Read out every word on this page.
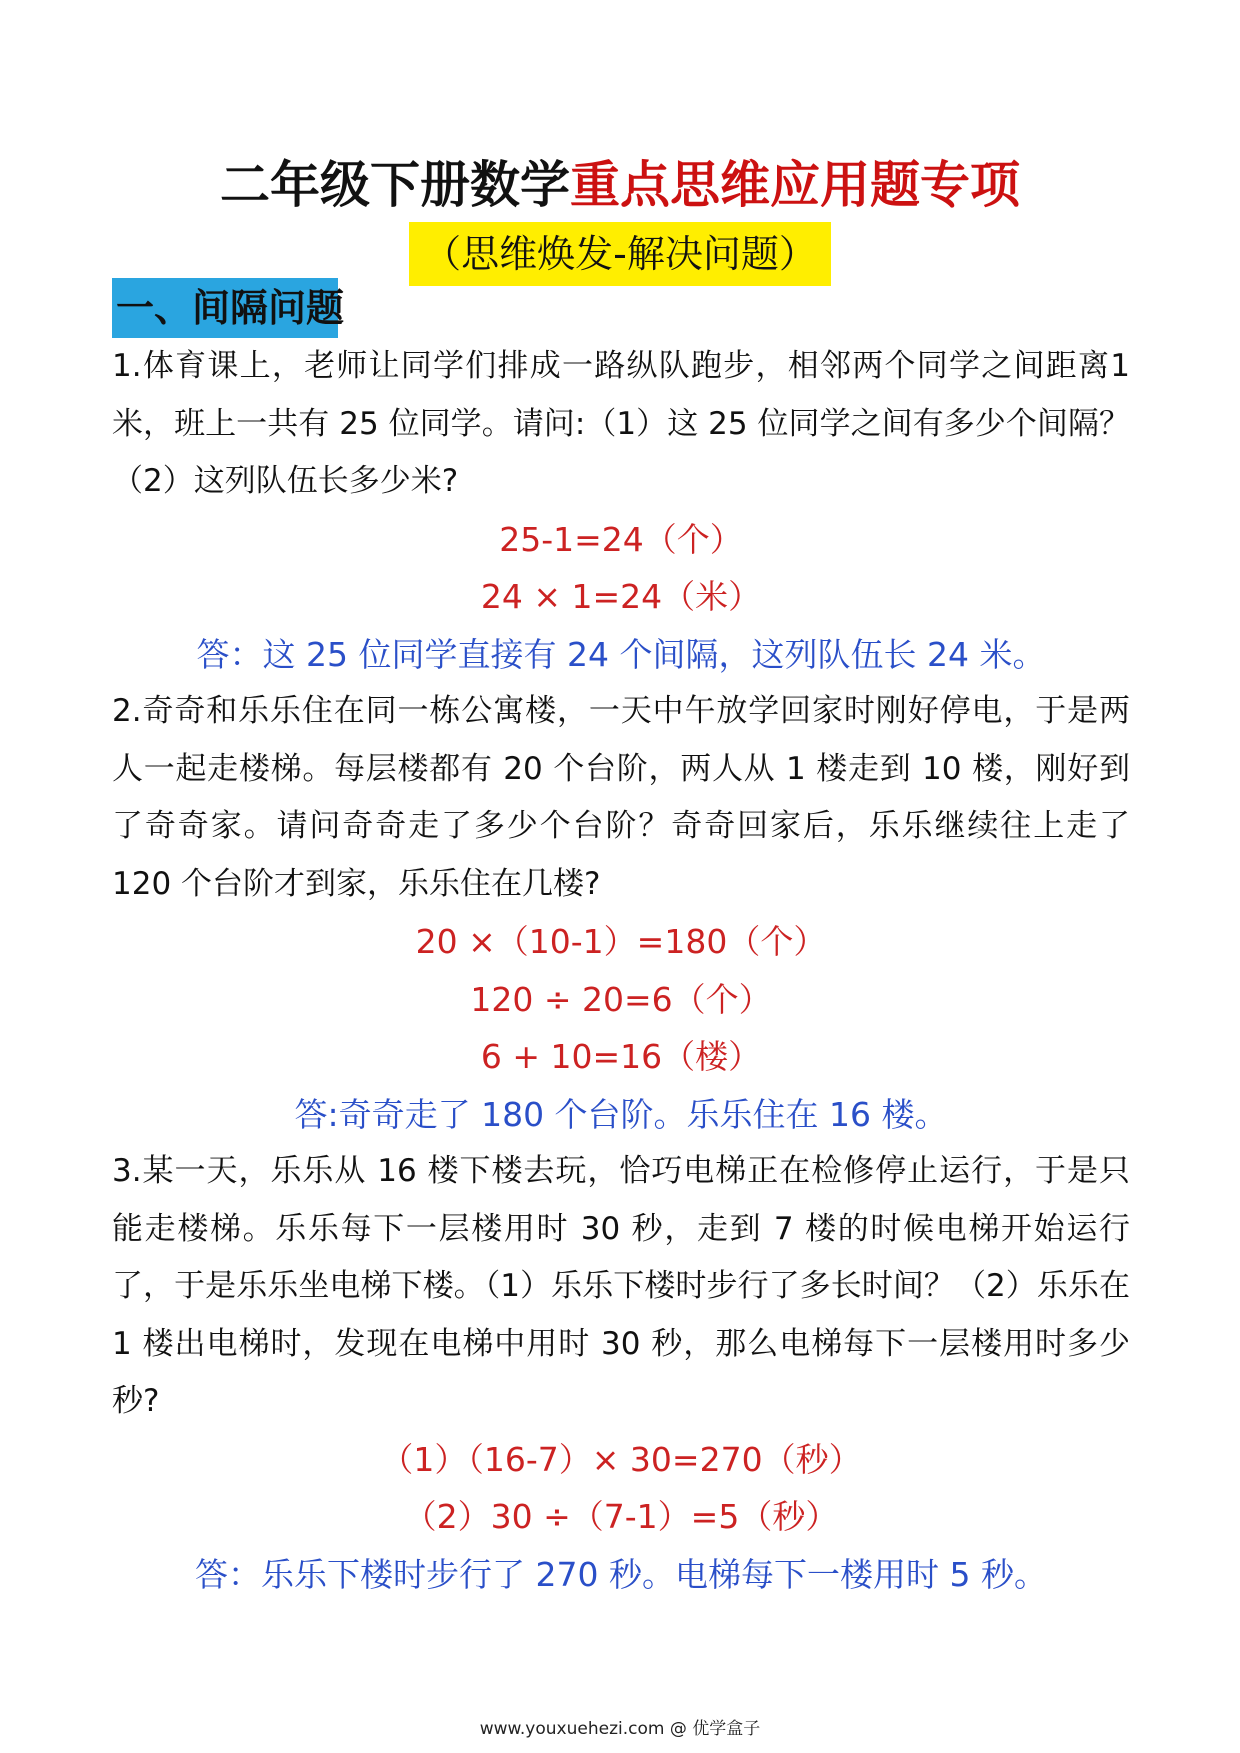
二年级下册数学重点思维应用题专项
（思维焕发-解决问题）
一、间隔问题

1.体育课上，老师让同学们排成一路纵队跑步，相邻两个同学之间距离1 米，班上一共有 25 位同学。请问:（1）这 25 位同学之间有多少个间隔？（2）这列队伍长多少米?

25-1=24（个）

24 × 1=24（米）

答：这 25 位同学直接有 24 个间隔，这列队伍长 24 米。

2.奇奇和乐乐住在同一栋公寓楼，一天中午放学回家时刚好停电，于是两人一起走楼梯。每层楼都有 20 个台阶，两人从 1 楼走到 10 楼，刚好到了奇奇家。请问奇奇走了多少个台阶？奇奇回家后，乐乐继续往上走了 120 个台阶才到家，乐乐住在几楼?

20 ×（10-1）=180（个）

120 ÷ 20=6（个）

6 + 10=16（楼）

答:奇奇走了 180 个台阶。乐乐住在 16 楼。

3.某一天，乐乐从 16 楼下楼去玩，恰巧电梯正在检修停止运行，于是只能走楼梯。乐乐每下一层楼用时 30 秒，走到 7 楼的时候电梯开始运行了，于是乐乐坐电梯下楼。（1）乐乐下楼时步行了多长时间？（2）乐乐在 1 楼出电梯时，发现在电梯中用时 30 秒，那么电梯每下一层楼用时多少秒?

（1）（16-7）× 30=270（秒）

（2）30 ÷（7-1）=5（秒）

答：乐乐下楼时步行了 270 秒。电梯每下一楼用时 5 秒。

www.youxuehezi.com @ 优学盒子
